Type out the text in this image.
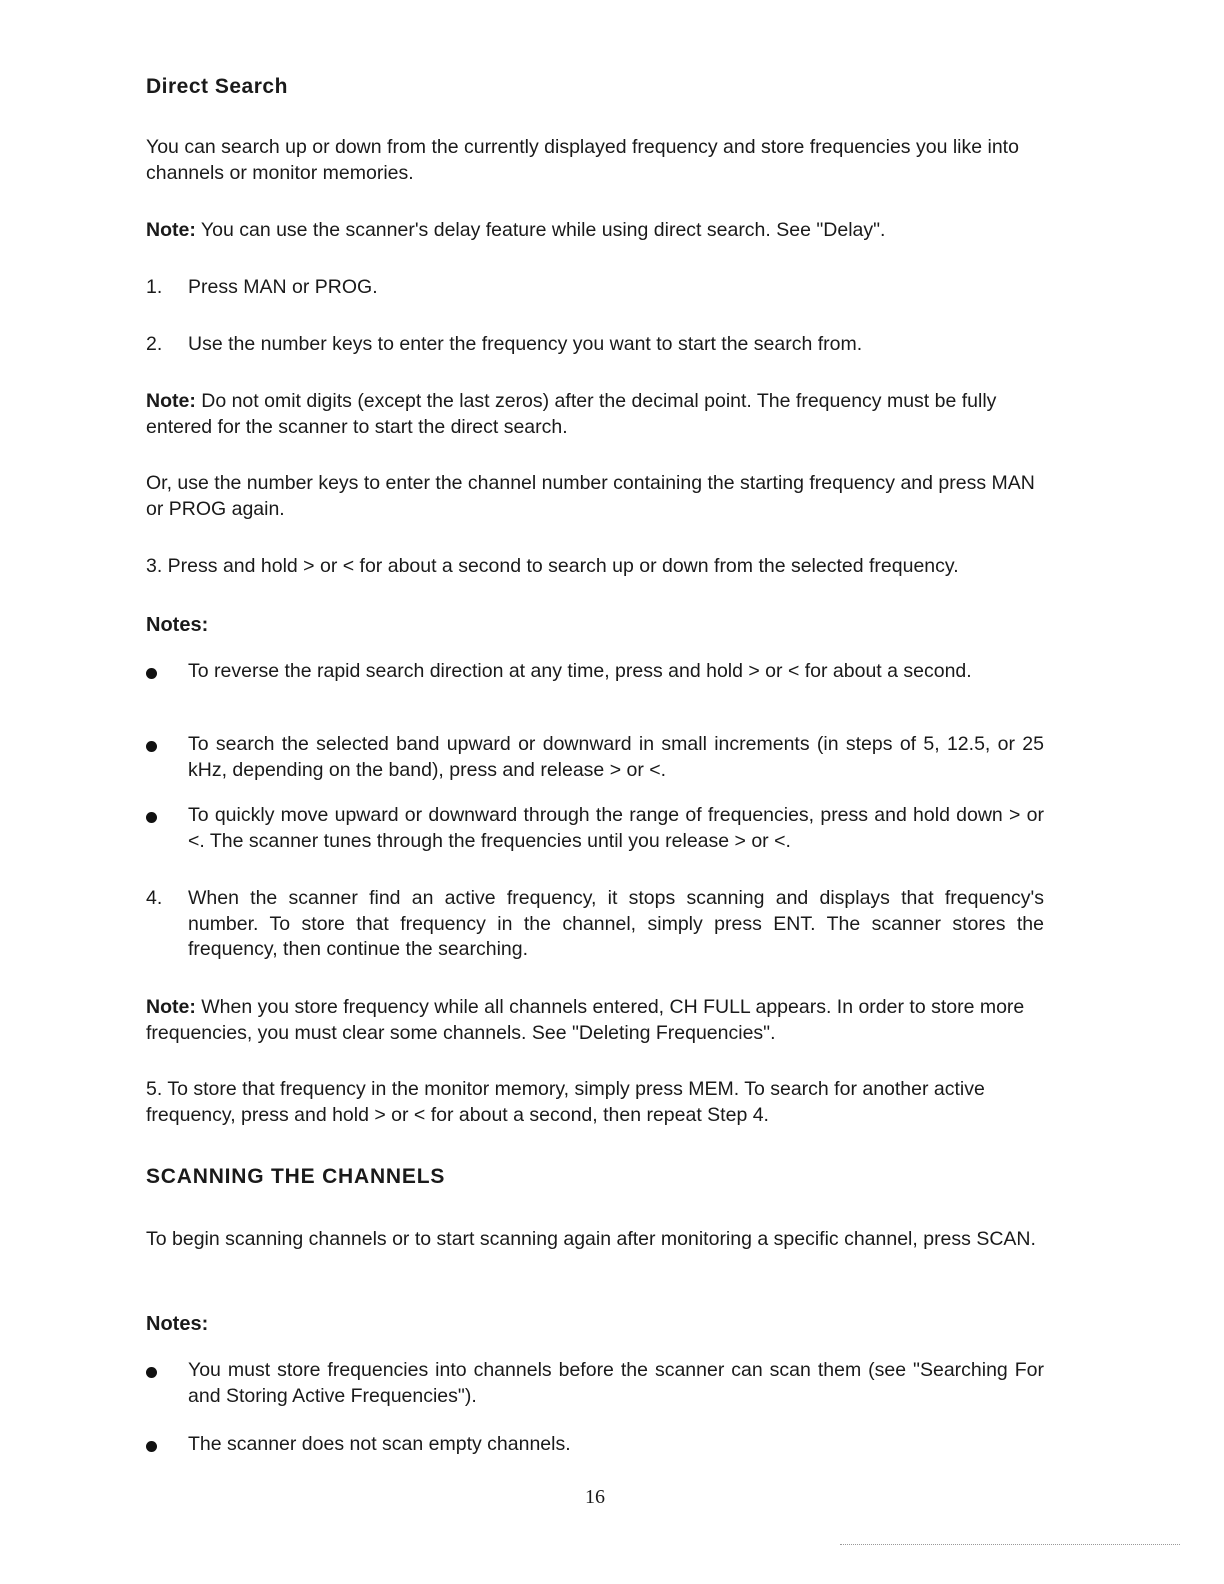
Direct Search

You can search up or down from the currently displayed frequency and store frequencies you like into channels or monitor memories.

Note: You can use the scanner's delay feature while using direct search. See "Delay".

1.	Press MAN or PROG.
2.	Use the number keys to enter the frequency you want to start the search from.

Note: Do not omit digits (except the last zeros) after the decimal point. The frequency must be fully entered for the scanner to start the direct search.

Or, use the number keys to enter the channel number containing the starting frequency and press MAN or PROG again.

3. Press and hold > or < for about a second to search up or down from the selected frequency.

Notes:
To reverse the rapid search direction at any time, press and hold > or < for about a second.
To search the selected band upward or downward in small increments (in steps of 5, 12.5, or 25 kHz, depending on the band), press and release > or <.
To quickly move upward or downward through the range of frequencies, press and hold down > or <. The scanner tunes through the frequencies until you release > or <.
4.	When the scanner find an active frequency, it stops scanning and displays that frequency's number. To store that frequency in the channel, simply press ENT. The scanner stores the frequency, then continue the searching.

Note: When you store frequency while all channels entered, CH FULL appears. In order to store more frequencies, you must clear some channels. See "Deleting Frequencies".

5. To store that frequency in the monitor memory, simply press MEM. To search for another active frequency, press and hold > or < for about a second, then repeat Step 4.

SCANNING THE CHANNELS

To begin scanning channels or to start scanning again after monitoring a specific channel, press SCAN.

Notes:
You must store frequencies into channels before the scanner can scan them (see "Searching For and Storing Active Frequencies").
The scanner does not scan empty channels.
16
